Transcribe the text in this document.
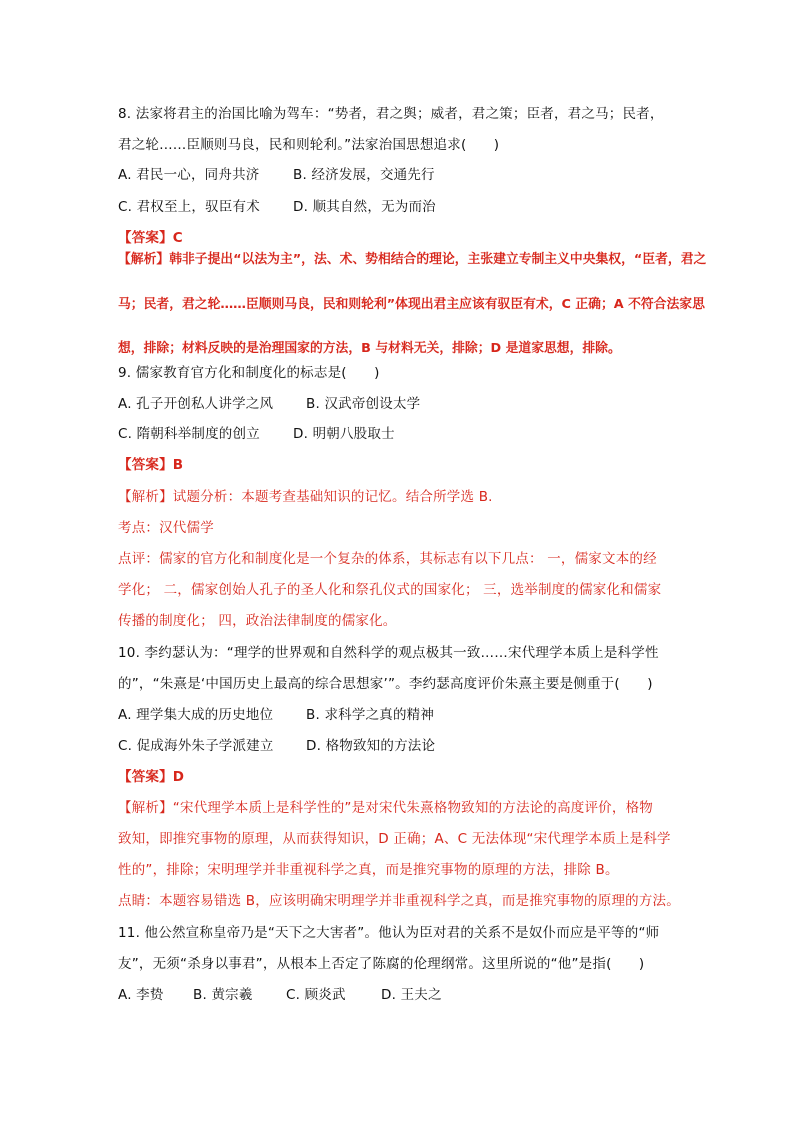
8. 法家将君主的治国比喻为驾车：“势者，君之舆；威者，君之策；臣者，君之马；民者，
君之轮……臣顺则马良，民和则轮利。”法家治国思想追求(　　)
A. 君民一心，同舟共济 B. 经济发展，交通先行
C. 君权至上，驭臣有术 D. 顺其自然，无为而治
【答案】C
【解析】韩非子提出“以法为主”，法、术、势相结合的理论，主张建立专制主义中央集权，“臣者，君之
马；民者，君之轮……臣顺则马良，民和则轮利”体现出君主应该有驭臣有术，C 正确；A 不符合法家思
想，排除；材料反映的是治理国家的方法，B 与材料无关，排除；D 是道家思想，排除。
9. 儒家教育官方化和制度化的标志是(　　)
A. 孔子开创私人讲学之风 B. 汉武帝创设太学
C. 隋朝科举制度的创立 D. 明朝八股取士
【答案】B
【解析】试题分析：本题考查基础知识的记忆。结合所学选 B.
考点：汉代儒学
点评：儒家的官方化和制度化是一个复杂的体系，其标志有以下几点： 一，儒家文本的经
学化； 二，儒家创始人孔子的圣人化和祭孔仪式的国家化； 三，选举制度的儒家化和儒家
传播的制度化； 四，政治法律制度的儒家化。
10. 李约瑟认为：“理学的世界观和自然科学的观点极其一致……宋代理学本质上是科学性
的”，“朱熹是‘中国历史上最高的综合思想家’”。李约瑟高度评价朱熹主要是侧重于(　　)
A. 理学集大成的历史地位 B. 求科学之真的精神
C. 促成海外朱子学派建立 D. 格物致知的方法论
【答案】D
【解析】“宋代理学本质上是科学性的”是对宋代朱熹格物致知的方法论的高度评价，格物
致知，即推究事物的原理，从而获得知识，D 正确；A、C 无法体现“宋代理学本质上是科学
性的”，排除；宋明理学并非重视科学之真，而是推究事物的原理的方法，排除 B。
点睛：本题容易错选 B，应该明确宋明理学并非重视科学之真，而是推究事物的原理的方法。
11. 他公然宣称皇帝乃是“天下之大害者”。他认为臣对君的关系不是奴仆而应是平等的“师
友”，无须“杀身以事君”，从根本上否定了陈腐的伦理纲常。这里所说的“他”是指(　　)
A. 李贽 B. 黄宗羲 C. 顾炎武	D. 王夫之
